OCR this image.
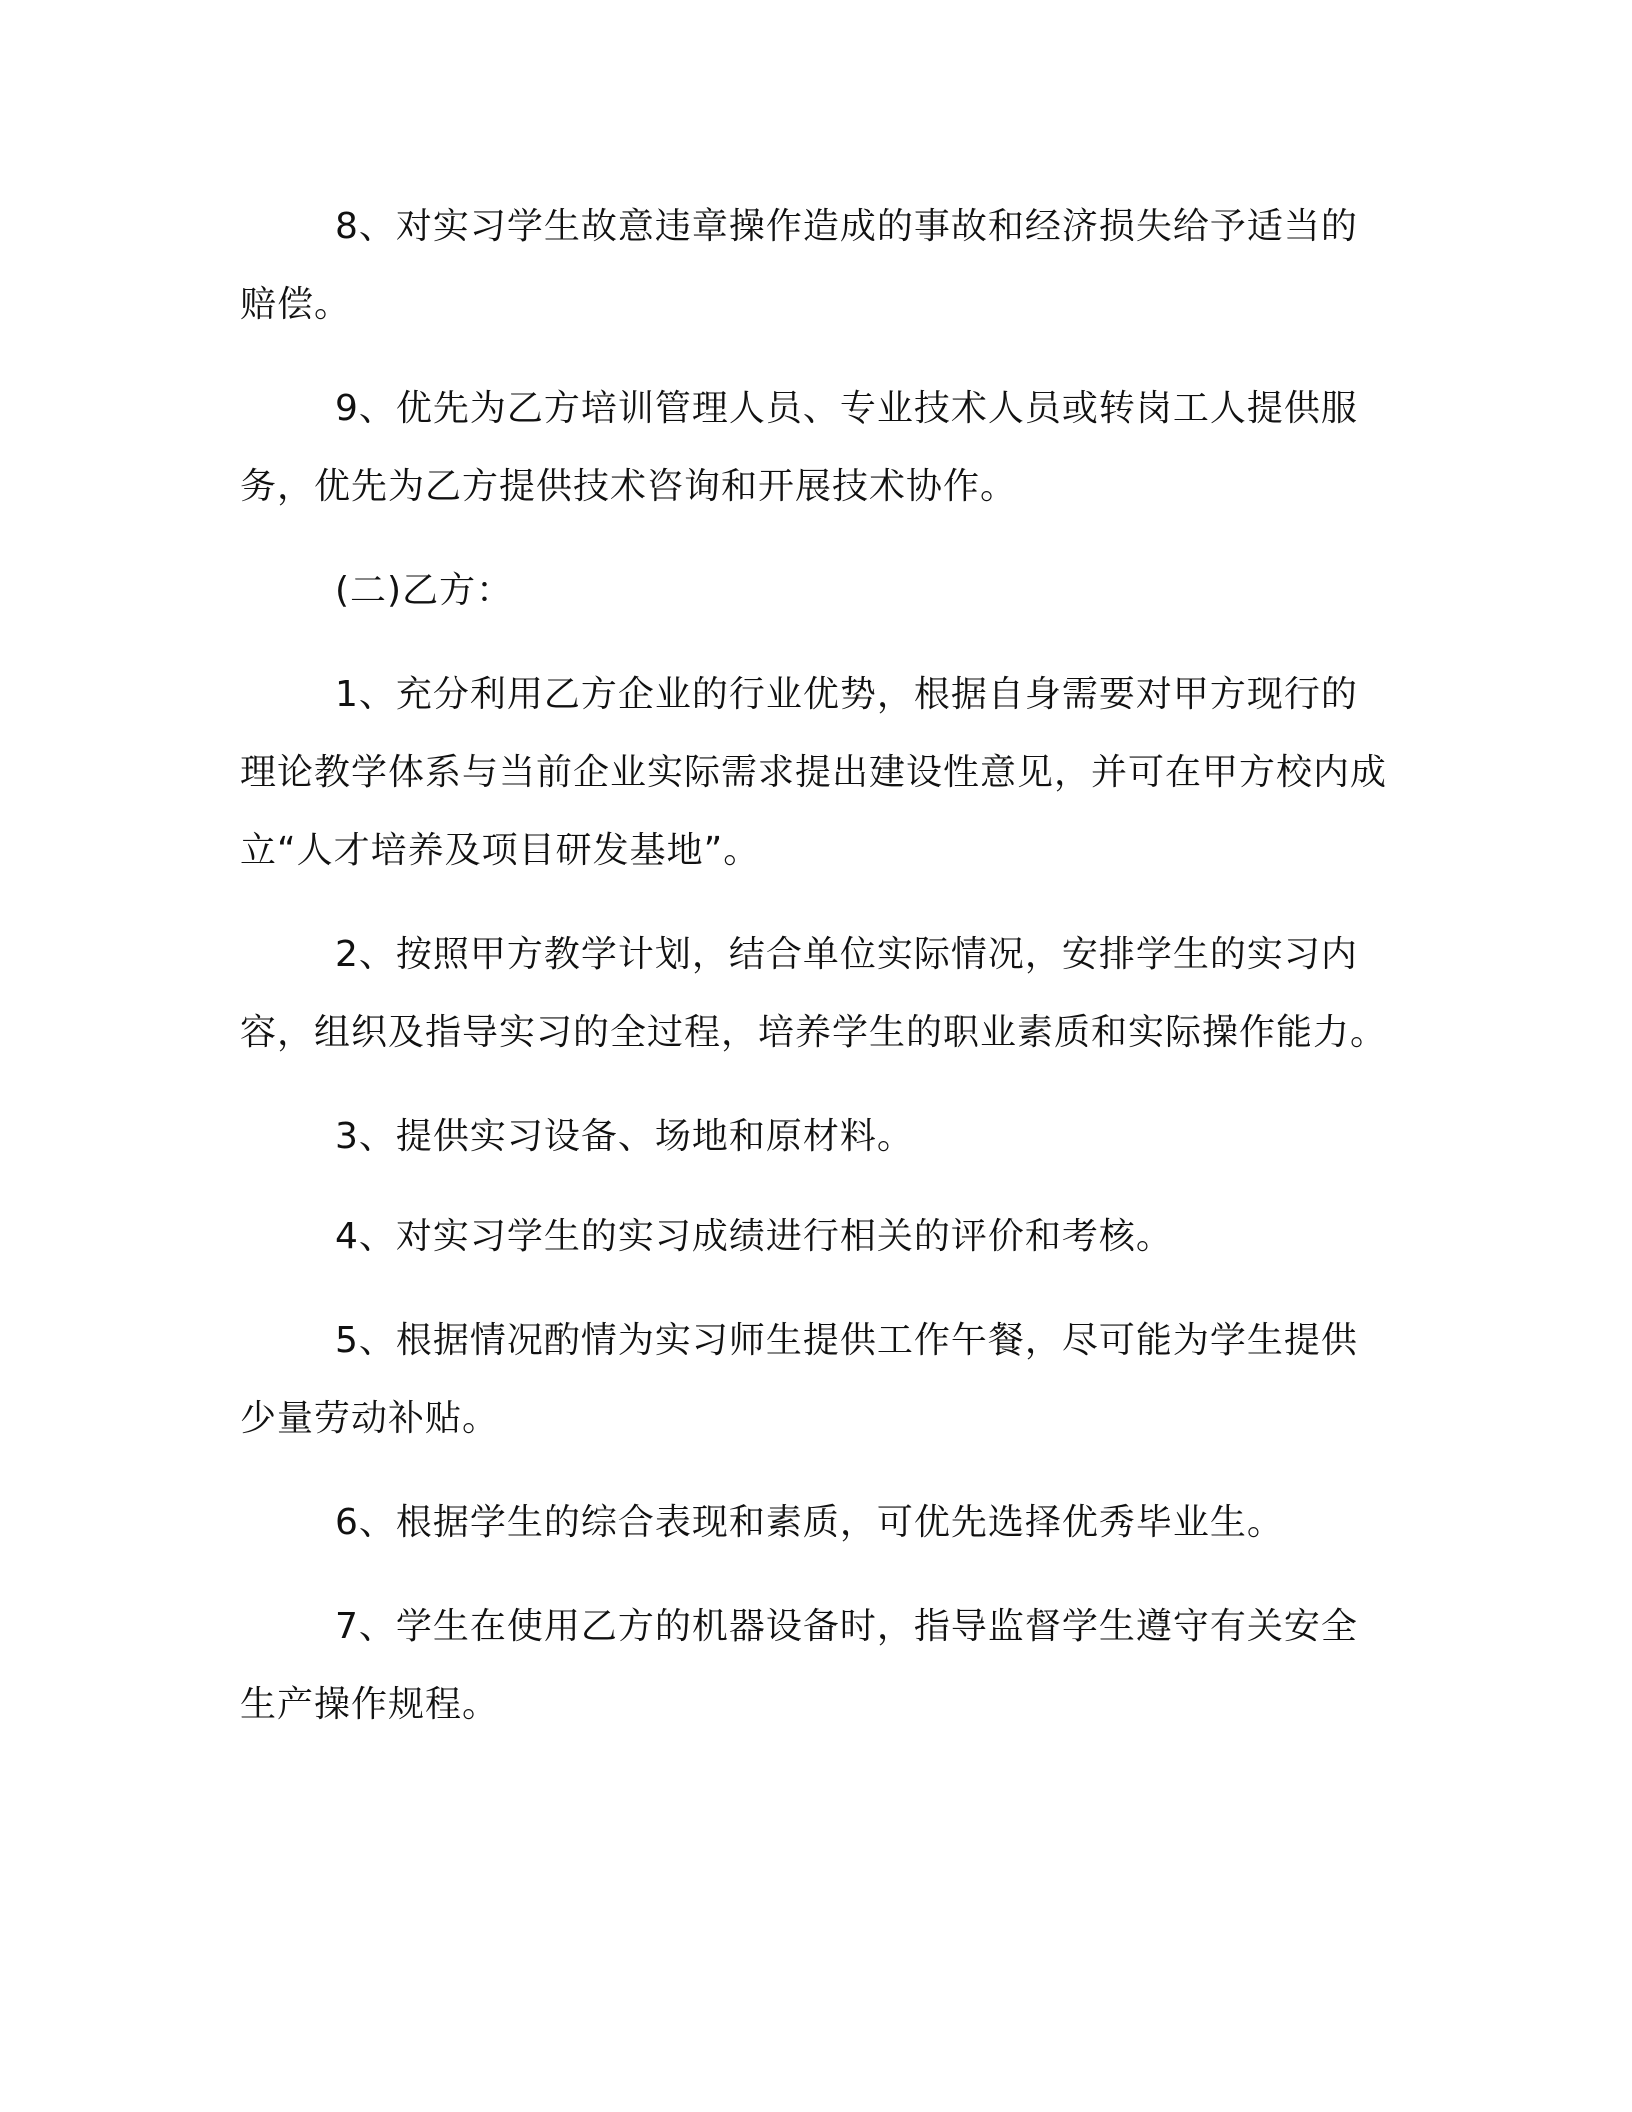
8、对实习学生故意违章操作造成的事故和经济损失给予适当的赔偿。

9、优先为乙方培训管理人员、专业技术人员或转岗工人提供服务，优先为乙方提供技术咨询和开展技术协作。

(二)乙方：

1、充分利用乙方企业的行业优势，根据自身需要对甲方现行的理论教学体系与当前企业实际需求提出建设性意见，并可在甲方校内成立“人才培养及项目研发基地”。

2、按照甲方教学计划，结合单位实际情况，安排学生的实习内容，组织及指导实习的全过程，培养学生的职业素质和实际操作能力。

3、提供实习设备、场地和原材料。

4、对实习学生的实习成绩进行相关的评价和考核。

5、根据情况酌情为实习师生提供工作午餐，尽可能为学生提供少量劳动补贴。

6、根据学生的综合表现和素质，可优先选择优秀毕业生。

7、学生在使用乙方的机器设备时，指导监督学生遵守有关安全生产操作规程。
